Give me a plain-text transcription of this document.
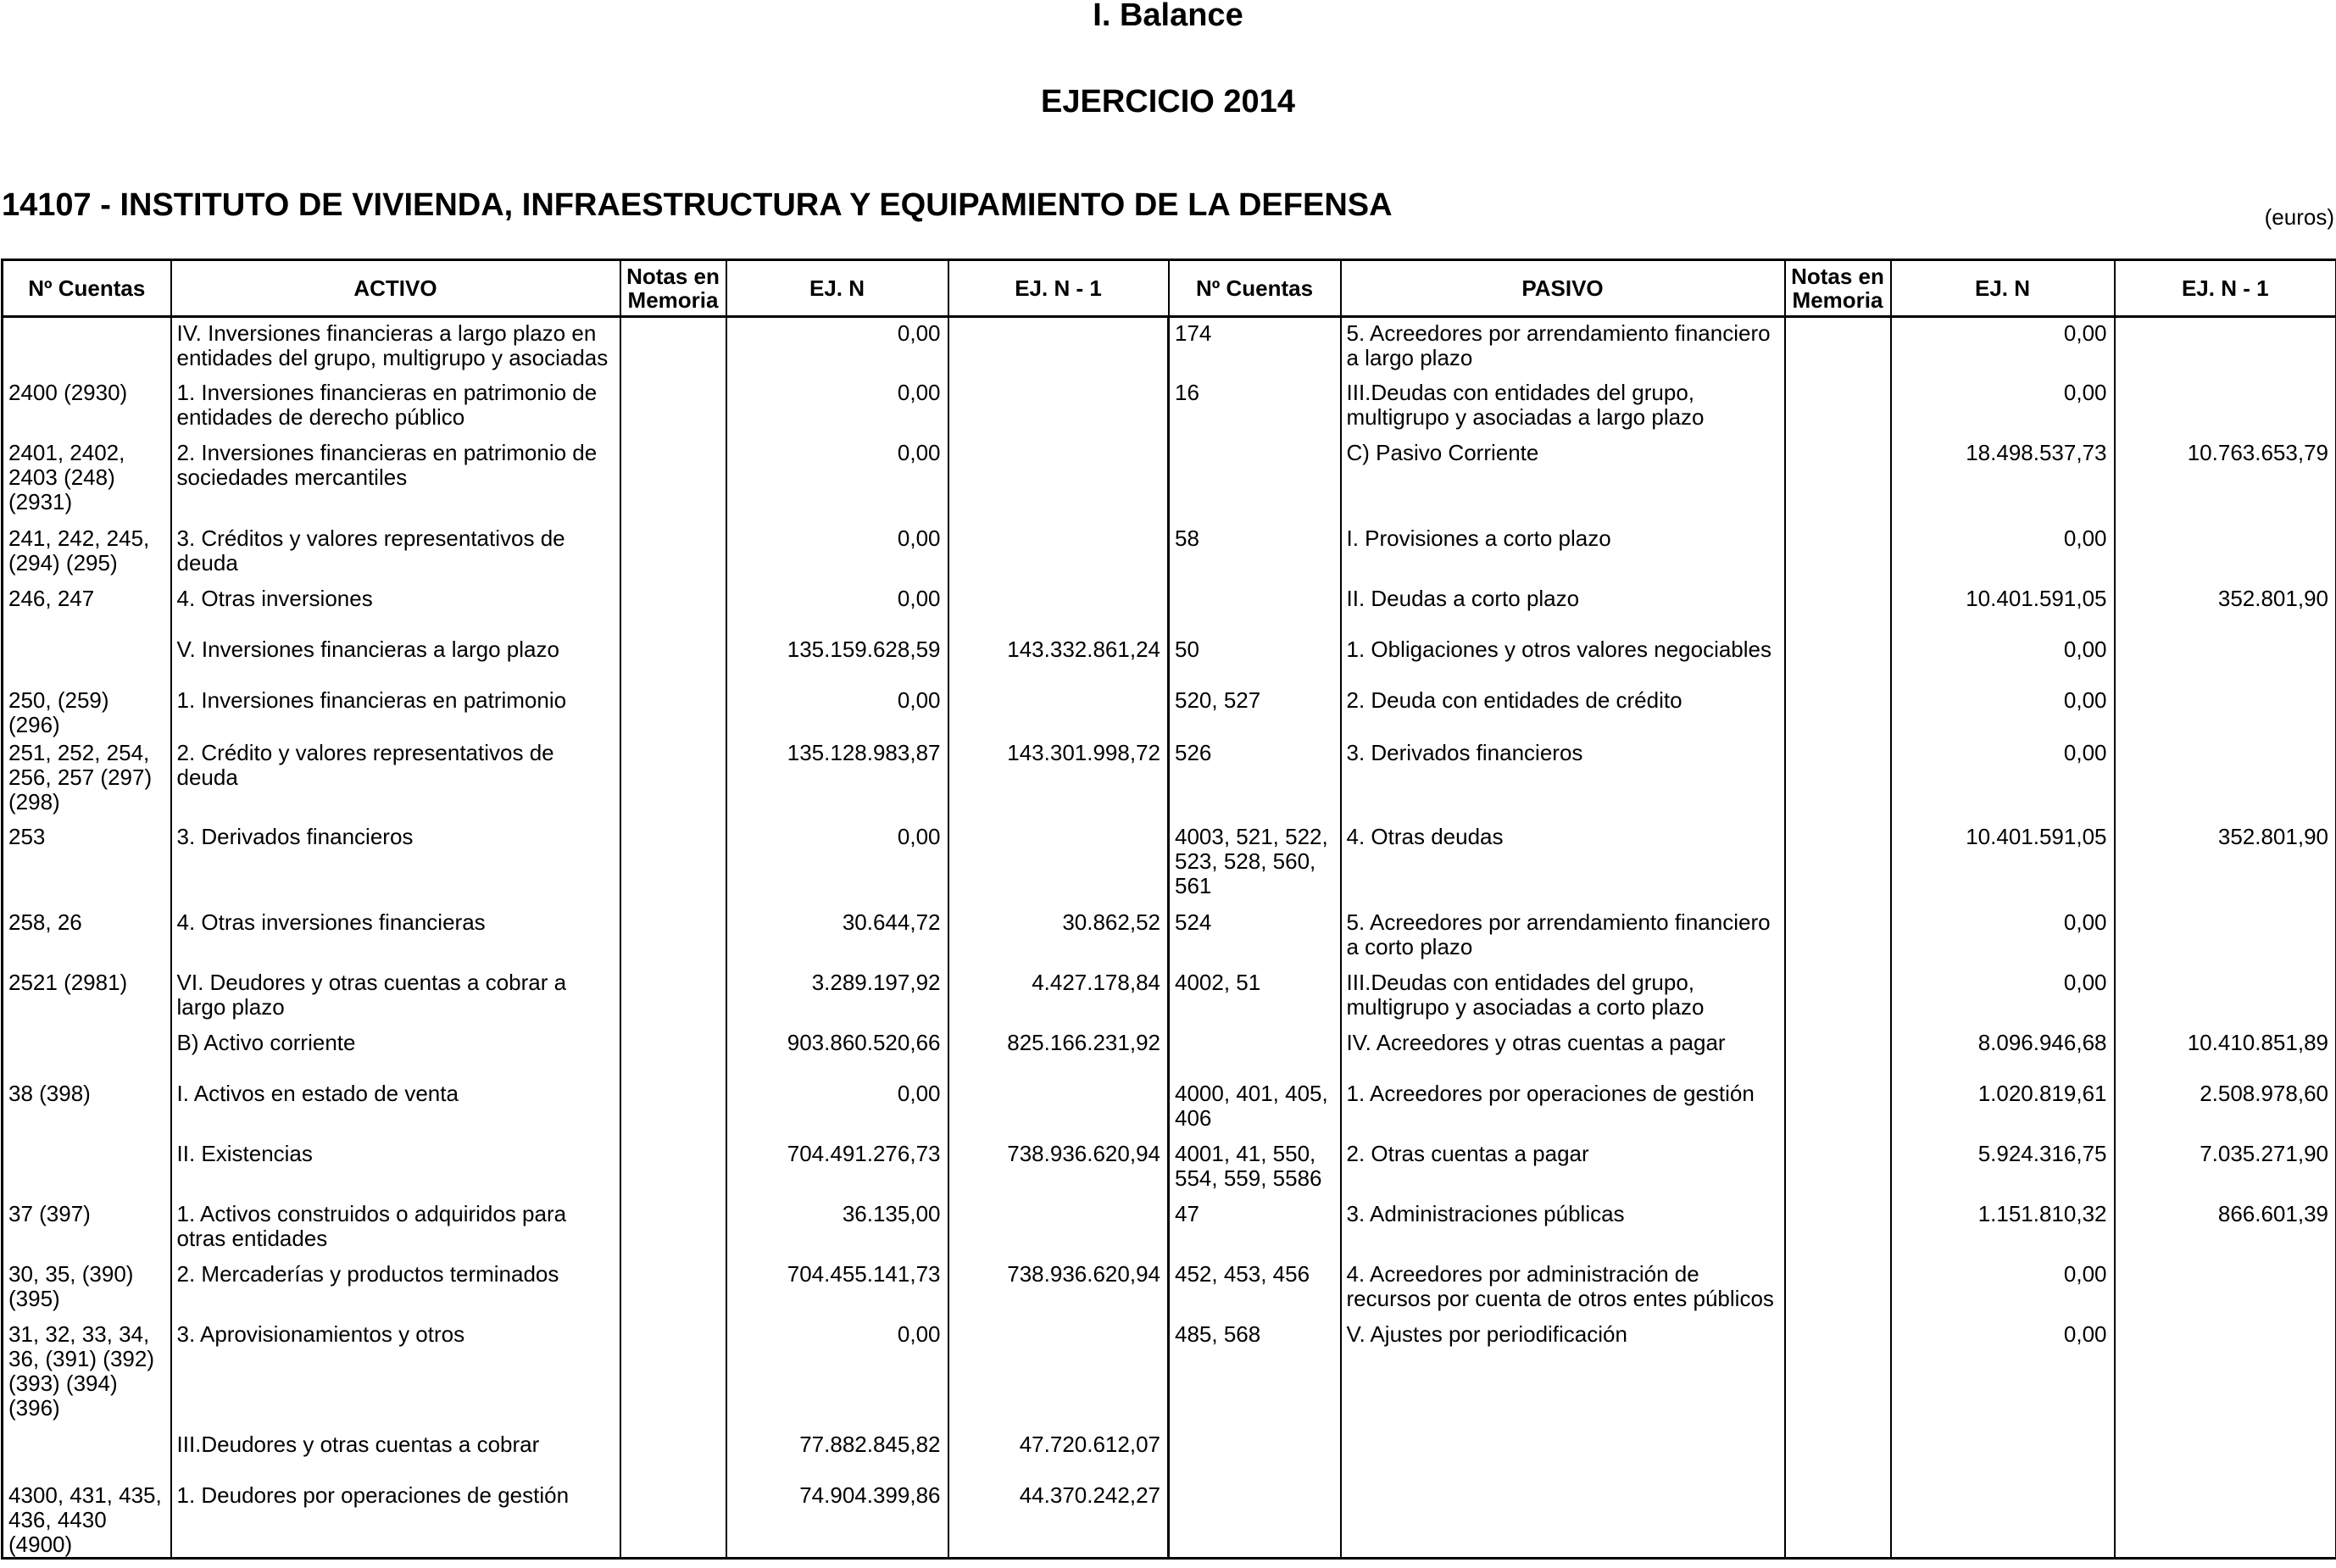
I. Balance
EJERCICIO 2014
14107 - INSTITUTO DE VIVIENDA, INFRAESTRUCTURA Y EQUIPAMIENTO DE LA DEFENSA	(euros)
Nº Cuentas	ACTIVO	Notas en Memoria	EJ. N	EJ. N - 1	Nº Cuentas	PASIVO	Notas en Memoria	EJ. N	EJ. N - 1
	IV. Inversiones financieras a largo plazo en entidades del grupo, multigrupo y asociadas		0,00		174	5. Acreedores por arrendamiento financiero a largo plazo		0,00	
2400 (2930)	1. Inversiones financieras en patrimonio de entidades de derecho público		0,00		16	III.Deudas con entidades del grupo, multigrupo y asociadas a largo plazo		0,00	
2401, 2402, 2403 (248) (2931)	2. Inversiones financieras en patrimonio de sociedades mercantiles		0,00			C) Pasivo Corriente		18.498.537,73	10.763.653,79
241, 242, 245, (294) (295)	3. Créditos y valores representativos de deuda		0,00		58	I. Provisiones a corto plazo		0,00	
246, 247	4. Otras inversiones		0,00			II. Deudas a corto plazo		10.401.591,05	352.801,90
	V. Inversiones financieras a largo plazo		135.159.628,59	143.332.861,24	50	1. Obligaciones y otros valores negociables		0,00	
250, (259) (296)	1. Inversiones financieras en patrimonio		0,00		520, 527	2. Deuda con entidades de crédito		0,00	
251, 252, 254, 256, 257 (297) (298)	2. Crédito y valores representativos de deuda		135.128.983,87	143.301.998,72	526	3. Derivados financieros		0,00	
253	3. Derivados financieros		0,00		4003, 521, 522, 523, 528, 560, 561	4. Otras deudas		10.401.591,05	352.801,90
258, 26	4. Otras inversiones financieras		30.644,72	30.862,52	524	5. Acreedores por arrendamiento financiero a corto plazo		0,00	
2521 (2981)	VI. Deudores y otras cuentas a cobrar a largo plazo		3.289.197,92	4.427.178,84	4002, 51	III.Deudas con entidades del grupo, multigrupo y asociadas a corto plazo		0,00	
	B) Activo corriente		903.860.520,66	825.166.231,92		IV. Acreedores y otras cuentas a pagar		8.096.946,68	10.410.851,89
38 (398)	I. Activos en estado de venta		0,00		4000, 401, 405, 406	1. Acreedores por operaciones de gestión		1.020.819,61	2.508.978,60
	II. Existencias		704.491.276,73	738.936.620,94	4001, 41, 550, 554, 559, 5586	2. Otras cuentas a pagar		5.924.316,75	7.035.271,90
37 (397)	1. Activos construidos o adquiridos para otras entidades		36.135,00		47	3. Administraciones públicas		1.151.810,32	866.601,39
30, 35, (390) (395)	2. Mercaderías y productos terminados		704.455.141,73	738.936.620,94	452, 453, 456	4. Acreedores por administración de recursos por cuenta de otros entes públicos		0,00	
31, 32, 33, 34, 36, (391) (392) (393) (394) (396)	3. Aprovisionamientos y otros		0,00		485, 568	V. Ajustes por periodificación		0,00	
	III.Deudores y otras cuentas a cobrar		77.882.845,82	47.720.612,07					
4300, 431, 435, 436, 4430 (4900)	1. Deudores por operaciones de gestión		74.904.399,86	44.370.242,27					
